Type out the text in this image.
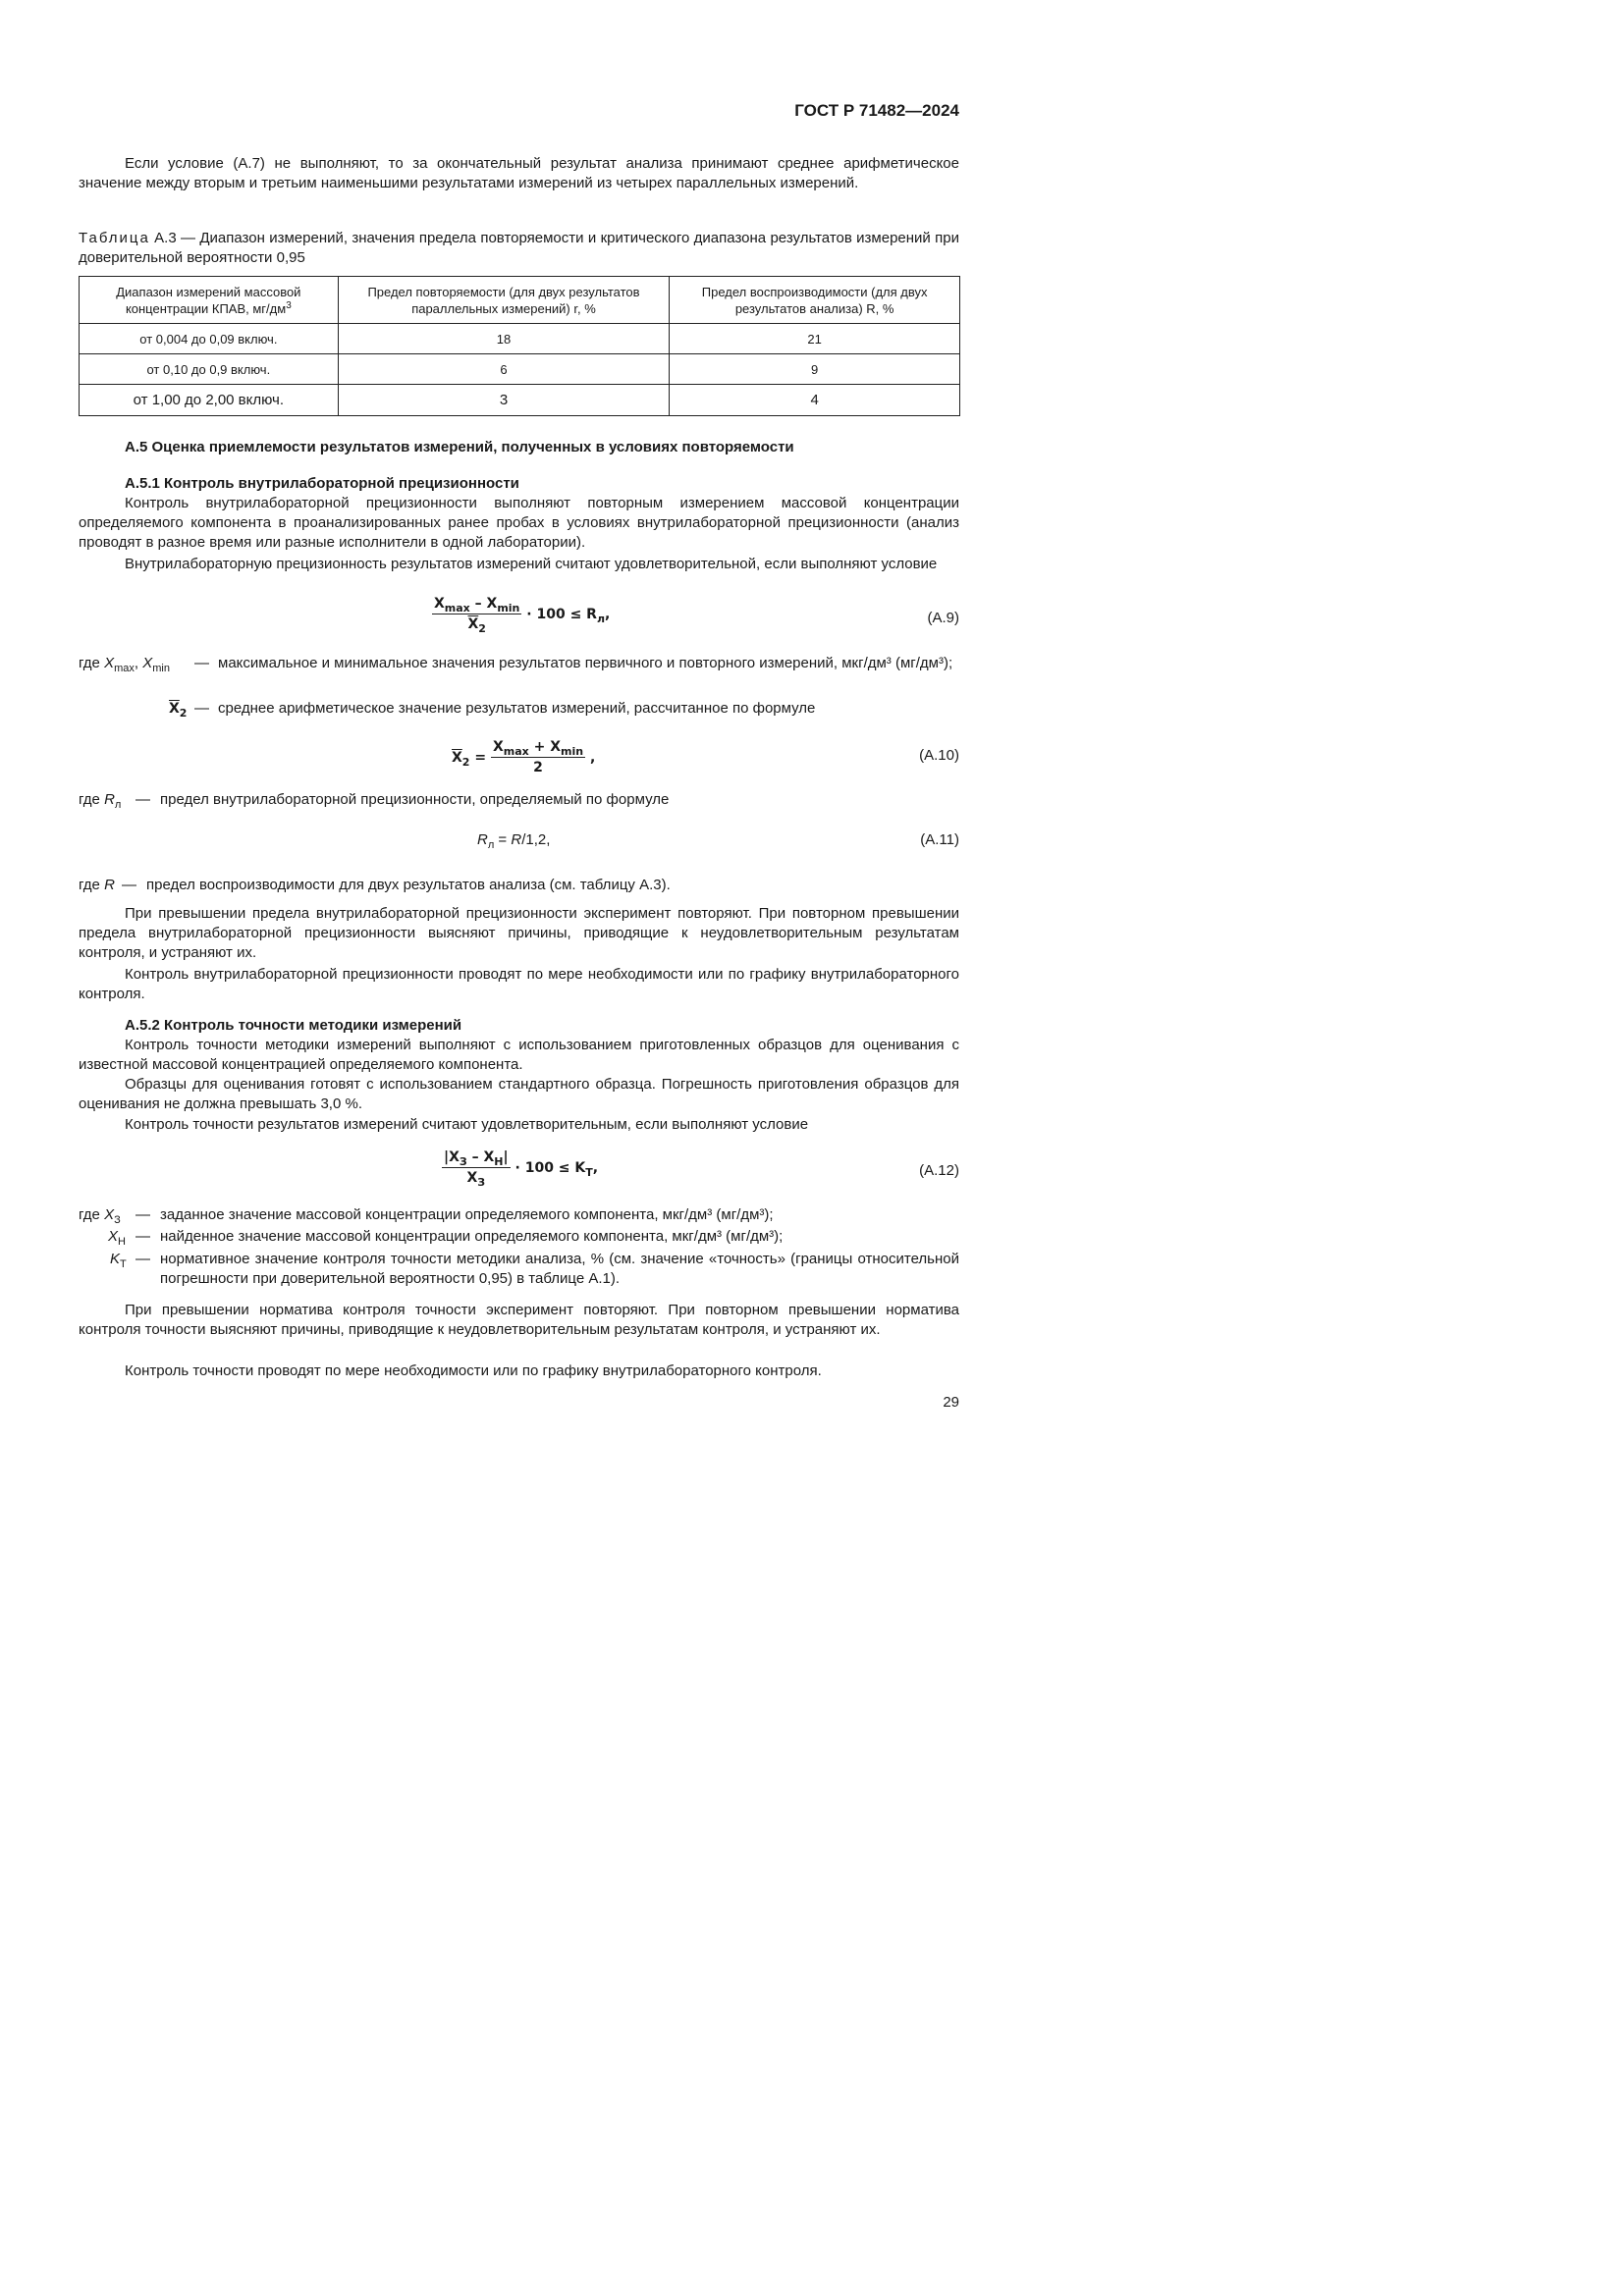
ГОСТ Р 71482—2024
Если условие (А.7) не выполняют, то за окончательный результат анализа принимают среднее арифметическое значение между вторым и третьим наименьшими результатами измерений из четырех параллельных измерений.
Таблица А.3 — Диапазон измерений, значения предела повторяемости и критического диапазона результатов измерений при доверительной вероятности 0,95
Диапазон измерений массовой концентрации КПАВ, $мг/дм^3$	Предел повторяемости (для двух результатов параллельных измерений) r, %	Предел воспроизводимости (для двух результатов анализа) R, %
от 0,004 до 0,09 включ.	18	21
от 0,10 до 0,9 включ.	6	9
от 1,00 до 2,00 включ.	3	4
А.5 Оценка приемлемости результатов измерений, полученных в условиях повторяемости
А.5.1 Контроль внутрилабораторной прецизионности
Контроль внутрилабораторной прецизионности выполняют повторным измерением массовой концентрации определяемого компонента в проанализированных ранее пробах в условиях внутрилабораторной прецизионности (анализ проводят в разное время или разные исполнители в одной лаборатории).
Внутрилабораторную прецизионность результатов измерений считают удовлетворительной, если выполняют условие
$\frac{X_{max} - X_{min}}{\overline{X}_2} \cdot 100 \le R_л$,	(А.9)
где $X_{max}$, $X_{min}$ — максимальное и минимальное значения результатов первичного и повторного измерений, мкг/дм³ (мг/дм³);
$\overline{X}_2$ — среднее арифметическое значение результатов измерений, рассчитанное по формуле
$\overline{X}_2 = \frac{X_{max} + X_{min}}{2}$ ,	(А.10)
где $R_л$ — предел внутрилабораторной прецизионности, определяемый по формуле
$R_л = R/1,2$,	(А.11)
где R — предел воспроизводимости для двух результатов анализа (см. таблицу А.3).
При превышении предела внутрилабораторной прецизионности эксперимент повторяют. При повторном превышении предела внутрилабораторной прецизионности выясняют причины, приводящие к неудовлетворительным результатам контроля, и устраняют их.
Контроль внутрилабораторной прецизионности проводят по мере необходимости или по графику внутрилабораторного контроля.
А.5.2 Контроль точности методики измерений
Контроль точности методики измерений выполняют с использованием приготовленных образцов для оценивания с известной массовой концентрацией определяемого компонента.
Образцы для оценивания готовят с использованием стандартного образца. Погрешность приготовления образцов для оценивания не должна превышать 3,0 %.
Контроль точности результатов измерений считают удовлетворительным, если выполняют условие
$\frac{|X_З - X_Н|}{X_З} \cdot 100 \le K_Т$,	(А.12)
где $X_З$ — заданное значение массовой концентрации определяемого компонента, мкг/дм³ (мг/дм³);
$X_Н$ — найденное значение массовой концентрации определяемого компонента, мкг/дм³ (мг/дм³);
$K_Т$ — нормативное значение контроля точности методики анализа, % (см. значение «точность» (границы относительной погрешности при доверительной вероятности 0,95) в таблице А.1).
При превышении норматива контроля точности эксперимент повторяют. При повторном превышении норматива контроля точности выясняют причины, приводящие к неудовлетворительным результатам контроля, и устраняют их.
Контроль точности проводят по мере необходимости или по графику внутрилабораторного контроля.
29
